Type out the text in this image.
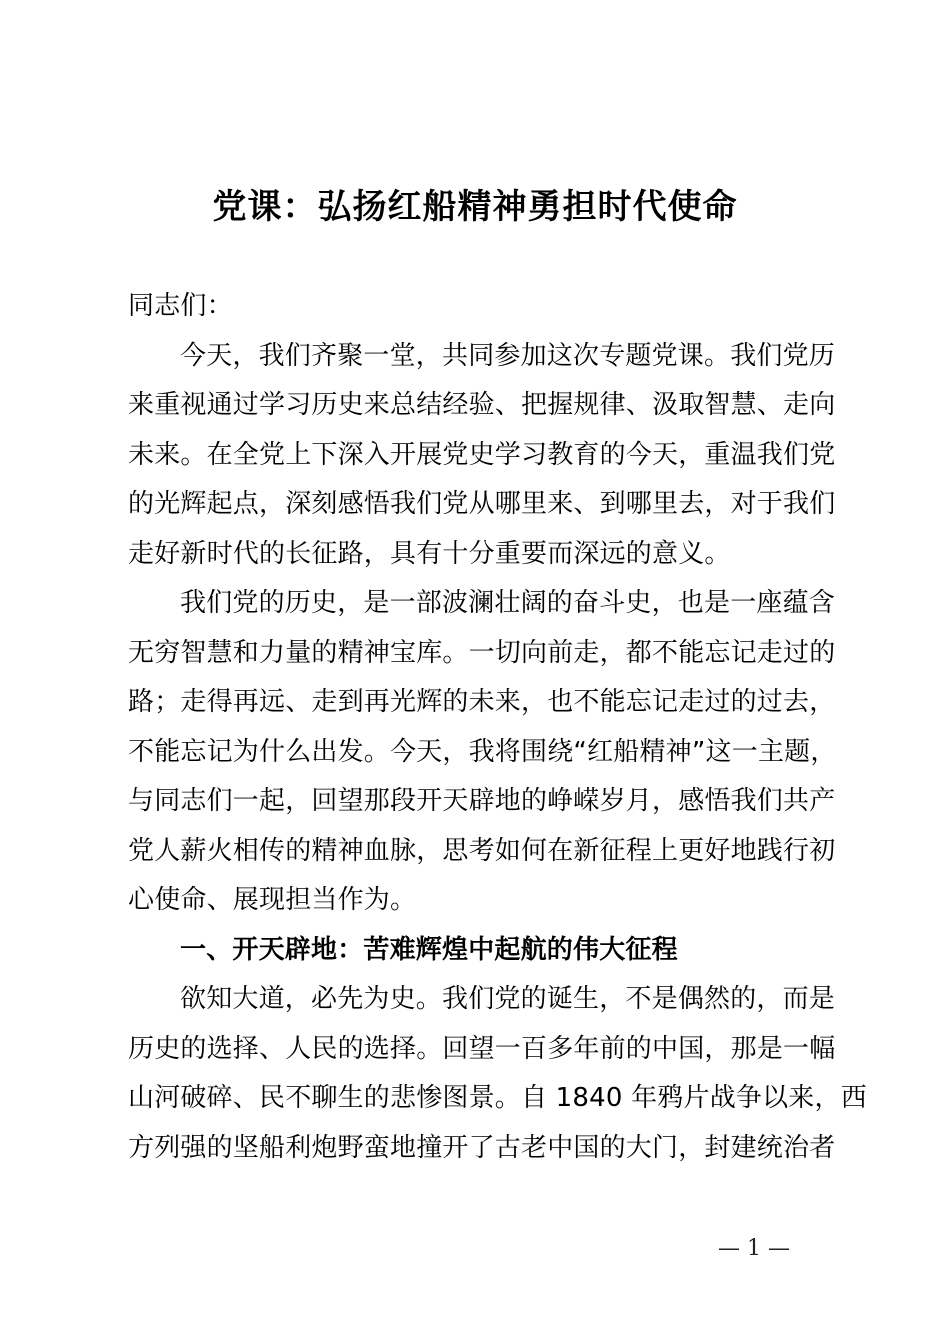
党课：弘扬红船精神勇担时代使命
同志们：
今天，我们齐聚一堂，共同参加这次专题党课。我们党历
来重视通过学习历史来总结经验、把握规律、汲取智慧、走向
未来。在全党上下深入开展党史学习教育的今天，重温我们党
的光辉起点，深刻感悟我们党从哪里来、到哪里去，对于我们
走好新时代的长征路，具有十分重要而深远的意义。
我们党的历史，是一部波澜壮阔的奋斗史，也是一座蕴含
无穷智慧和力量的精神宝库。一切向前走，都不能忘记走过的
路；走得再远、走到再光辉的未来，也不能忘记走过的过去，
不能忘记为什么出发。今天，我将围绕“红船精神”这一主题，
与同志们一起，回望那段开天辟地的峥嵘岁月，感悟我们共产
党人薪火相传的精神血脉，思考如何在新征程上更好地践行初
心使命、展现担当作为。
一、开天辟地：苦难辉煌中起航的伟大征程
欲知大道，必先为史。我们党的诞生，不是偶然的，而是
历史的选择、人民的选择。回望一百多年前的中国，那是一幅
山河破碎、民不聊生的悲惨图景。自 1840 年鸦片战争以来，西
方列强的坚船利炮野蛮地撞开了古老中国的大门，封建统治者
— 1 —
